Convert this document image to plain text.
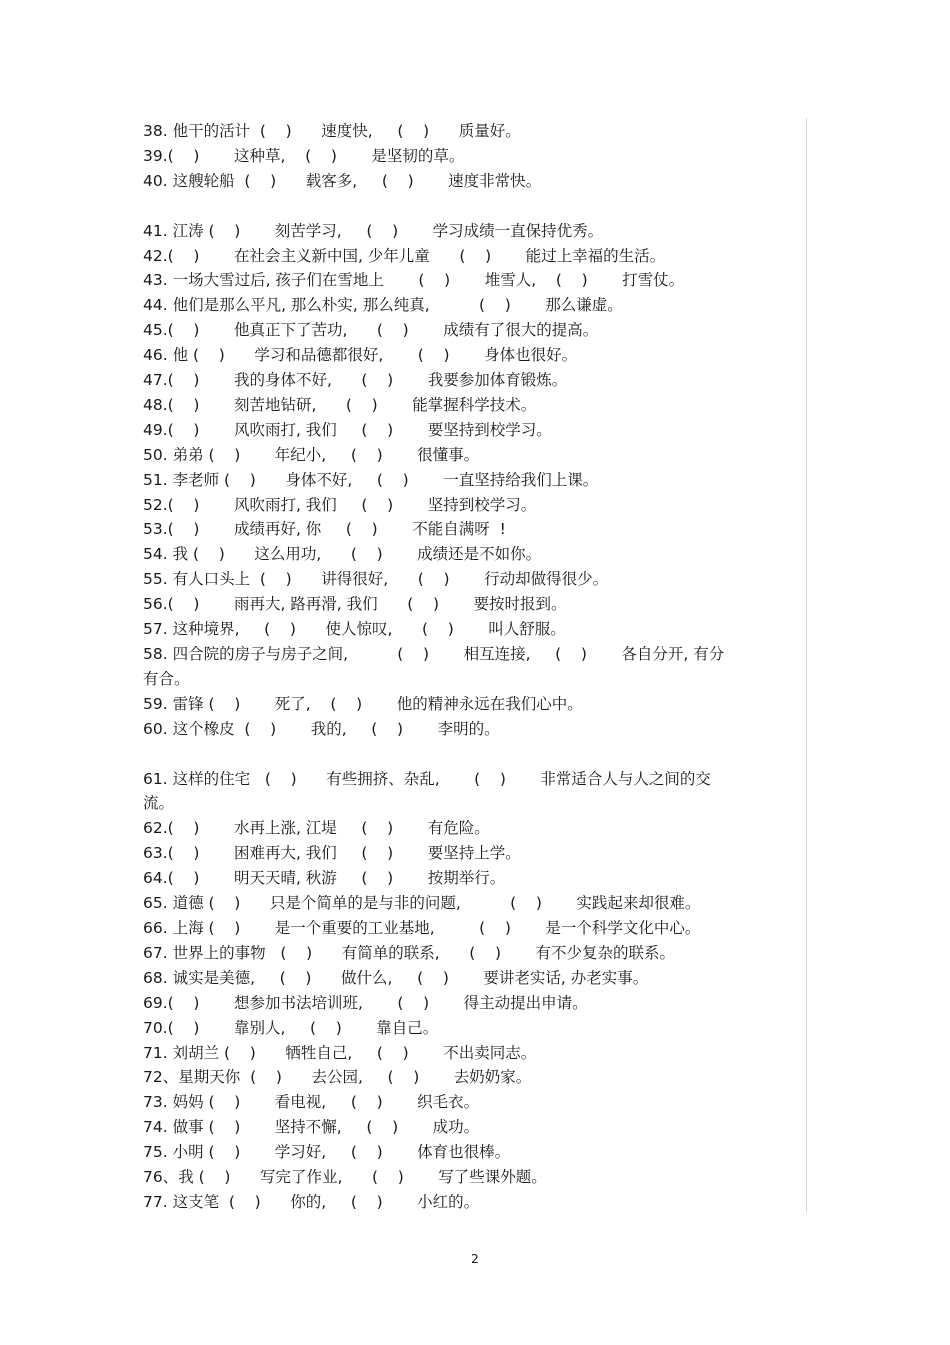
38. 他干的活计  (    )      速度快,     (    )      质量好。
39.(    )       这种草,    (    )       是坚韧的草。
40. 这艘轮船  (    )      载客多,     (    )       速度非常快。
41. 江涛 (    )       刻苦学习,     (    )       学习成绩一直保持优秀。
42.(    )       在社会主义新中国, 少年儿童      (    )       能过上幸福的生活。
43. 一场大雪过后, 孩子们在雪地上       (    )       堆雪人,    (    )       打雪仗。
44. 他们是那么平凡, 那么朴实, 那么纯真,          (    )       那么谦虚。
45.(    )       他真正下了苦功,      (    )       成绩有了很大的提高。
46. 他 (    )      学习和品德都很好,       (    )       身体也很好。
47.(    )       我的身体不好,      (    )       我要参加体育锻炼。
48.(    )       刻苦地钻研,      (    )       能掌握科学技术。
49.(    )       风吹雨打, 我们     (    )       要坚持到校学习。
50. 弟弟 (    )       年纪小,     (    )       很懂事。
51. 李老师 (    )      身体不好,     (    )       一直坚持给我们上课。
52.(    )       风吹雨打, 我们     (    )       坚持到校学习。
53.(    )       成绩再好, 你     (    )       不能自满呀  !
54. 我 (    )      这么用功,      (    )       成绩还是不如你。
55. 有人口头上  (    )      讲得很好,      (    )       行动却做得很少。
56.(    )       雨再大, 路再滑, 我们      (    )       要按时报到。
57. 这种境界,     (    )      使人惊叹,      (    )       叫人舒服。
58. 四合院的房子与房子之间,          (    )       相互连接,     (    )       各自分开, 有分
有合。
59. 雷锋 (    )       死了,    (    )       他的精神永远在我们心中。
60. 这个橡皮  (    )       我的,     (    )       李明的。
61. 这样的住宅   (    )      有些拥挤、杂乱,       (    )       非常适合人与人之间的交
流。
62.(    )       水再上涨, 江堤     (    )       有危险。
63.(    )       困难再大, 我们     (    )       要坚持上学。
64.(    )       明天天晴, 秋游     (    )       按期举行。
65. 道德 (    )      只是个简单的是与非的问题,          (    )       实践起来却很难。
66. 上海 (    )       是一个重要的工业基地,         (    )       是一个科学文化中心。
67. 世界上的事物   (    )      有简单的联系,      (    )       有不少复杂的联系。
68. 诚实是美德,     (    )      做什么,     (    )       要讲老实话, 办老实事。
69.(    )       想参加书法培训班,       (    )       得主动提出申请。
70.(    )       靠别人,     (    )       靠自己。
71. 刘胡兰 (    )      牺牲自己,     (    )       不出卖同志。
72、星期天你  (    )      去公园,     (    )       去奶奶家。
73. 妈妈 (    )       看电视,     (    )       织毛衣。
74. 做事 (    )       坚持不懈,     (    )       成功。
75. 小明 (    )       学习好,     (    )       体育也很棒。
76、我 (    )      写完了作业,      (    )       写了些课外题。
77. 这支笔  (    )      你的,     (    )       小红的。
2
